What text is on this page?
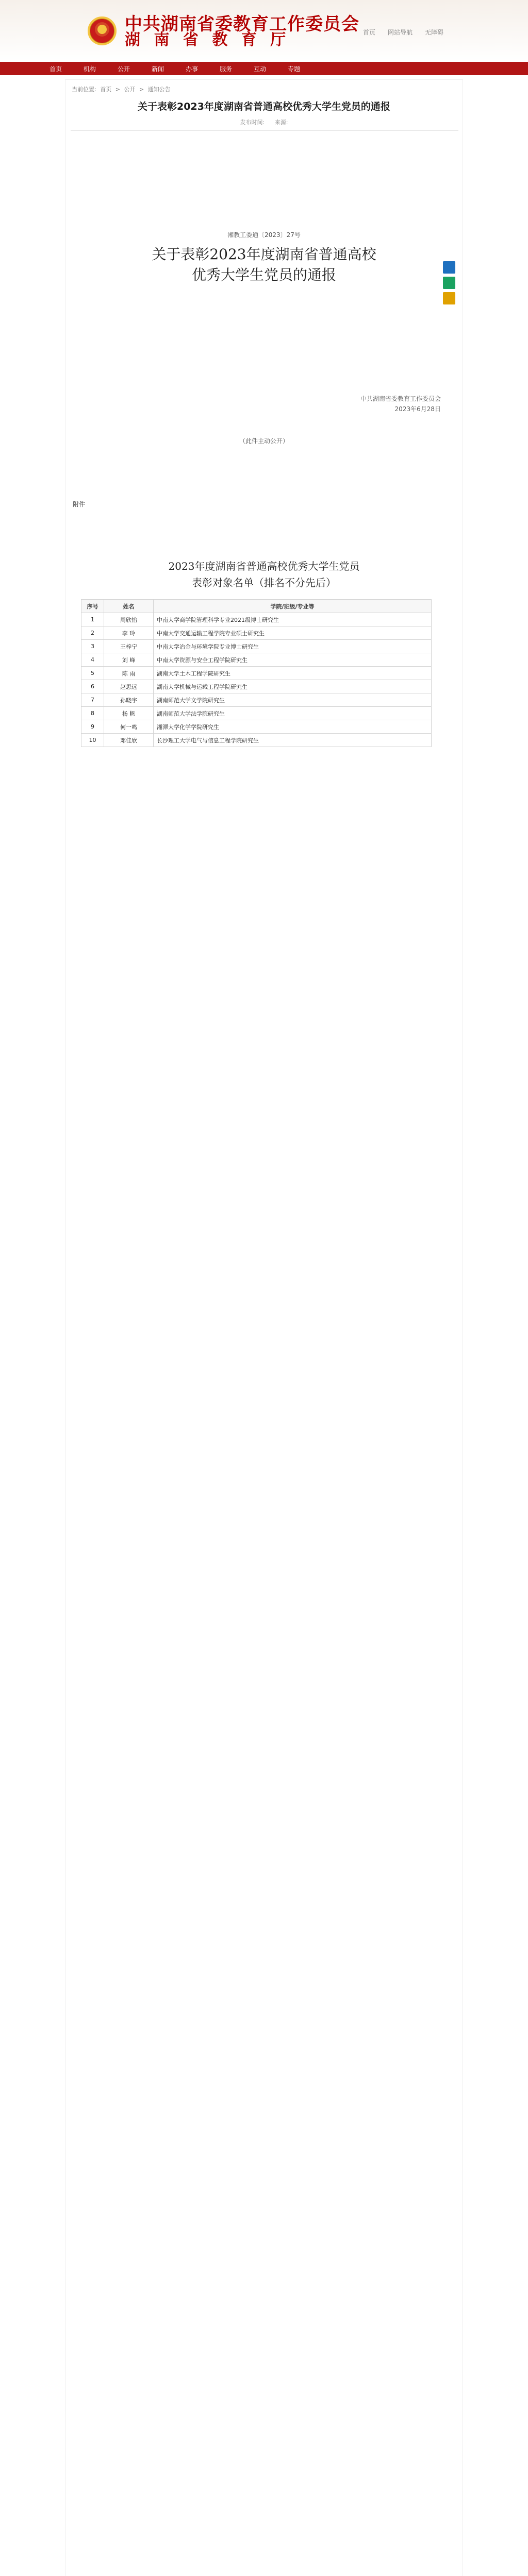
中共湖南省委教育工作委员会
湖 南 省 教 育 厅	首页 网站导航 无障碍
首页	机构	公开	新闻	办事	服务	互动	专题
当前位置: 首页 > 公开 > 通知公告
关于表彰2023年度湖南省普通高校优秀大学生党员的通报
发布时间: 来源:
湘教工委通〔2023〕27号
关于表彰2023年度湖南省普通高校
优秀大学生党员的通报
中共湖南省委教育工作委员会
2023年6月28日
（此件主动公开）
附件
2023年度湖南省普通高校优秀大学生党员
表彰对象名单（排名不分先后）
序号	姓名	学院/班级/专业等
1	周欣怡	中南大学商学院管理科学专业2021级博士研究生
2	李 玲	中南大学交通运输工程学院专业硕士研究生
3	王梓宁	中南大学冶金与环境学院专业博士研究生
4	刘 峰	中南大学资源与安全工程学院研究生
5	陈 雨	湖南大学土木工程学院研究生
6	赵思远	湖南大学机械与运载工程学院研究生
7	孙晓宇	湖南师范大学文学院研究生
8	杨 帆	湖南师范大学法学院研究生
9	何一鸣	湘潭大学化学学院研究生
10	邓佳欣	长沙理工大学电气与信息工程学院研究生
